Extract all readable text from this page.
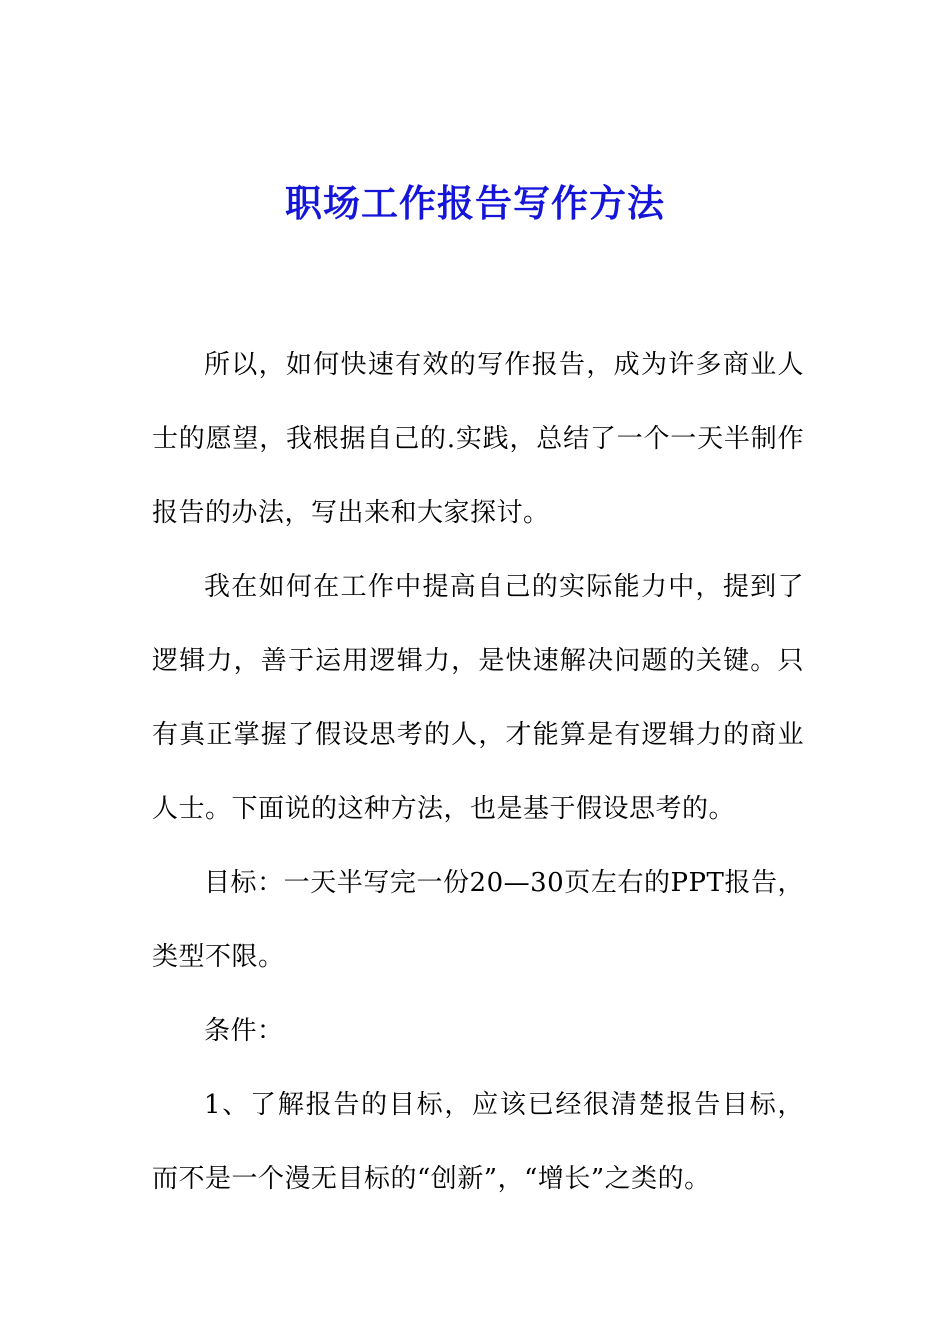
职场工作报告写作方法

所以，如何快速有效的写作报告，成为许多商业人士的愿望，我根据自己的.实践，总结了一个一天半制作报告的办法，写出来和大家探讨。

我在如何在工作中提高自己的实际能力中，提到了逻辑力，善于运用逻辑力，是快速解决问题的关键。只有真正掌握了假设思考的人，才能算是有逻辑力的商业人士。下面说的这种方法，也是基于假设思考的。

目标：一天半写完一份20—30页左右的PPT报告，类型不限。

条件：

1、了解报告的目标，应该已经很清楚报告目标，而不是一个漫无目标的“创新”，“增长”之类的。
